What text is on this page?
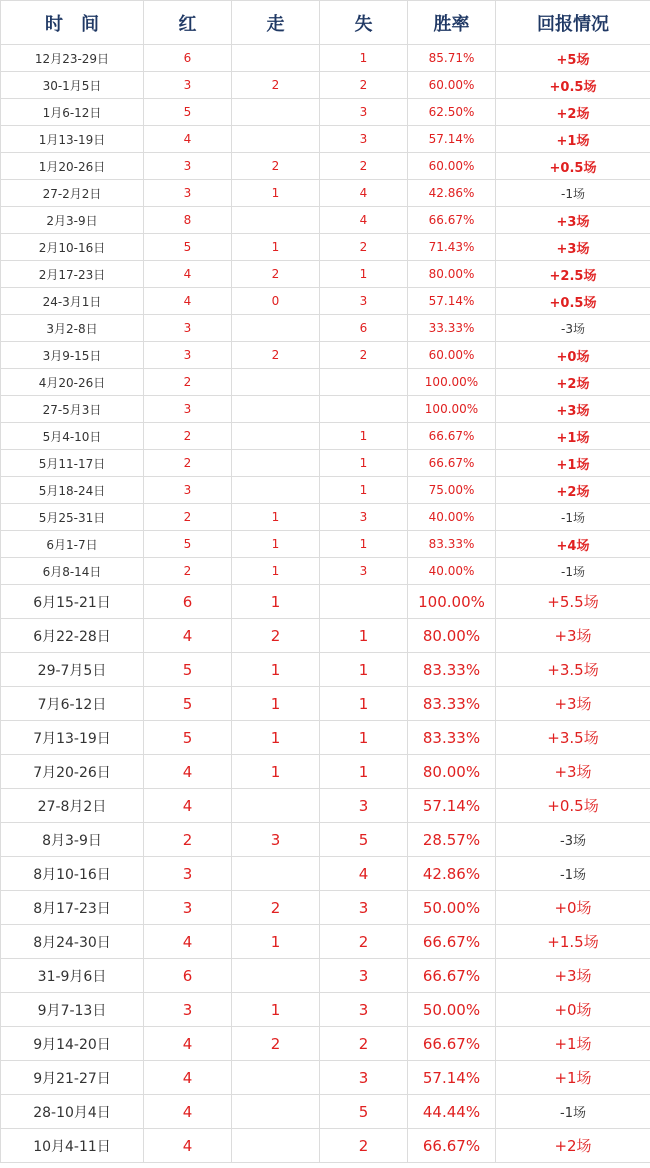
时　间	红	走	失	胜率	回报情况
12月23-29日	6		1	85.71%	+5场
30-1月5日	3	2	2	60.00%	+0.5场
1月6-12日	5		3	62.50%	+2场
1月13-19日	4		3	57.14%	+1场
1月20-26日	3	2	2	60.00%	+0.5场
27-2月2日	3	1	4	42.86%	-1场
2月3-9日	8		4	66.67%	+3场
2月10-16日	5	1	2	71.43%	+3场
2月17-23日	4	2	1	80.00%	+2.5场
24-3月1日	4	0	3	57.14%	+0.5场
3月2-8日	3		6	33.33%	-3场
3月9-15日	3	2	2	60.00%	+0场
4月20-26日	2			100.00%	+2场
27-5月3日	3			100.00%	+3场
5月4-10日	2		1	66.67%	+1场
5月11-17日	2		1	66.67%	+1场
5月18-24日	3		1	75.00%	+2场
5月25-31日	2	1	3	40.00%	-1场
6月1-7日	5	1	1	83.33%	+4场
6月8-14日	2	1	3	40.00%	-1场
6月15-21日	6	1		100.00%	+5.5场
6月22-28日	4	2	1	80.00%	+3场
29-7月5日	5	1	1	83.33%	+3.5场
7月6-12日	5	1	1	83.33%	+3场
7月13-19日	5	1	1	83.33%	+3.5场
7月20-26日	4	1	1	80.00%	+3场
27-8月2日	4		3	57.14%	+0.5场
8月3-9日	2	3	5	28.57%	-3场
8月10-16日	3		4	42.86%	-1场
8月17-23日	3	2	3	50.00%	+0场
8月24-30日	4	1	2	66.67%	+1.5场
31-9月6日	6		3	66.67%	+3场
9月7-13日	3	1	3	50.00%	+0场
9月14-20日	4	2	2	66.67%	+1场
9月21-27日	4		3	57.14%	+1场
28-10月4日	4		5	44.44%	-1场
10月4-11日	4		2	66.67%	+2场
